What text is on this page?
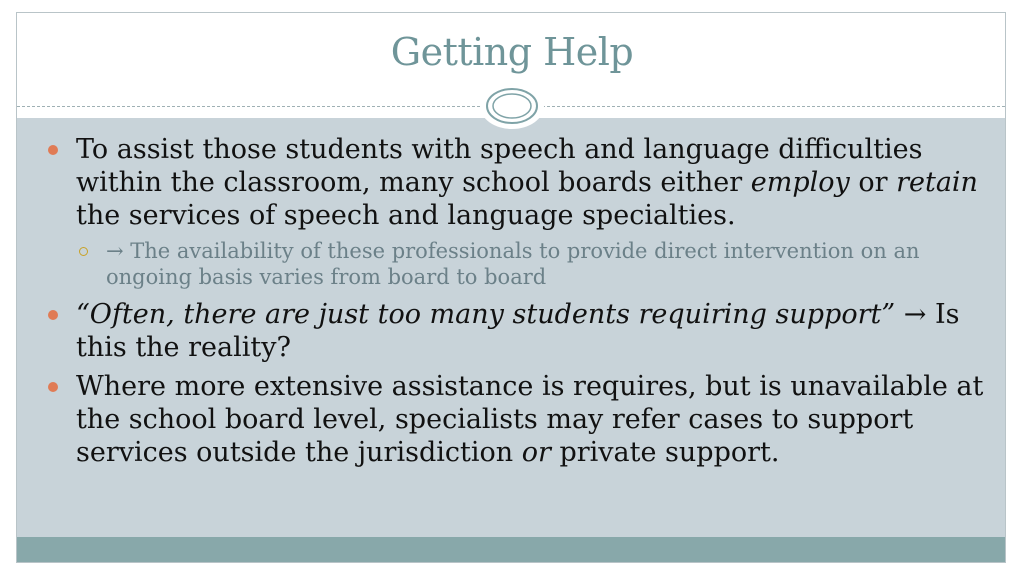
Getting Help
To assist those students with speech and language difficulties within the classroom, many school boards either employ or retain the services of speech and language specialties.
→ The availability of these professionals to provide direct intervention on an ongoing basis varies from board to board
“Often, there are just too many students requiring support” → Is this the reality?
Where more extensive assistance is requires, but is unavailable at the school board level, specialists may refer cases to support services outside the jurisdiction or private support.
